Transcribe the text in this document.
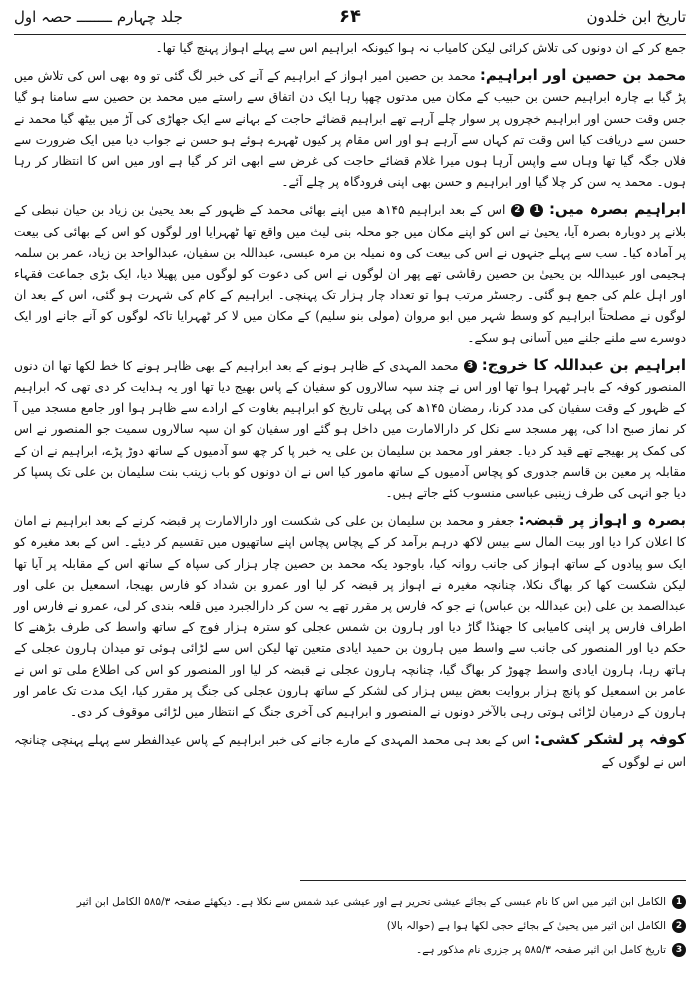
تاریخ ابن خلدون
۶۴
جلد چہارم ــــــــ حصہ اول

جمع کر کے ان دونوں کی تلاش کرائی لیکن کامیاب نہ ہوا کیونکہ ابراہیم اس سے پہلے اہواز پہنچ گیا تھا۔

محمد بن حصین اور ابراہیم: محمد بن حصین امیر اہواز کے ابراہیم کے آنے کی خبر لگ گئی تو وہ بھی اس کی تلاش میں پڑ گیا بے چارہ ابراہیم حسن بن حبیب کے مکان میں مدتوں چھپا رہا ایک دن اتفاق سے راستے میں محمد بن حصین سے سامنا ہو گیا جس وقت حسن اور ابراہیم خچروں پر سوار چلے آرہے تھے ابراہیم قضائے حاجت کے بہانے سے ایک جھاڑی کی آڑ میں بیٹھ گیا محمد نے حسن سے دریافت کیا اس وقت تم کہاں سے آرہے ہو اور اس مقام پر کیوں ٹھہرے ہوئے ہو حسن نے جواب دیا میں ایک ضرورت سے فلاں جگہ گیا تھا وہاں سے واپس آرہا ہوں میرا غلام قضائے حاجت کی غرض سے ابھی اتر کر گیا ہے اور میں اس کا انتظار کر رہا ہوں۔ محمد یہ سن کر چلا گیا اور ابراہیم و حسن بھی اپنی فرودگاہ پر چلے آئے۔

ابراہیم بصرہ میں: 1 2 اس کے بعد ابراہیم ۱۴۵ھ میں اپنے بھائی محمد کے ظہور کے بعد یحییٰ بن زیاد بن حیان نبطی کے بلانے پر دوبارہ بصرہ آیا، یحییٰ نے اس کو اپنے مکان میں جو محلہ بنی لیث میں واقع تھا ٹھہرایا اور لوگوں کو اس کے بھائی کی بیعت پر آمادہ کیا۔ سب سے پہلے جنہوں نے اس کی بیعت کی وہ نمیلہ بن مرہ عبسی، عبداللہ بن سفیان، عبدالواحد بن زیاد، عمر بن سلمہ ہجیمی اور عبیداللہ بن یحییٰ بن حصین رقاشی تھے پھر ان لوگوں نے اس کی دعوت کو لوگوں میں پھیلا دیا، ایک بڑی جماعت فقہاء اور اہل علم کی جمع ہو گئی۔ رجسٹر مرتب ہوا تو تعداد چار ہزار تک پہنچی۔ ابراہیم کے کام کی شہرت ہو گئی، اس کے بعد ان لوگوں نے مصلحتاً ابراہیم کو وسط شہر میں ابو مروان (مولی بنو سلیم) کے مکان میں لا کر ٹھہرایا تاکہ لوگوں کو آنے جانے اور ایک دوسرے سے ملنے جلنے میں آسانی ہو سکے۔

ابراہیم بن عبداللہ کا خروج: 3 محمد المہدی کے ظاہر ہونے کے بعد ابراہیم کے بھی ظاہر ہونے کا خط لکھا تھا ان دنوں المنصور کوفہ کے باہر ٹھہرا ہوا تھا اور اس نے چند سپہ سالاروں کو سفیان کے پاس بھیج دیا تھا اور یہ ہدایت کر دی تھی کہ ابراہیم کے ظہور کے وقت سفیان کی مدد کرنا، رمضان ۱۴۵ھ کی پہلی تاریخ کو ابراہیم بغاوت کے ارادے سے ظاہر ہوا اور جامع مسجد میں آ کر نماز صبح ادا کی، پھر مسجد سے نکل کر دارالامارت میں داخل ہو گئے اور سفیان کو ان سپہ سالاروں سمیت جو المنصور نے اس کی کمک پر بھیجے تھے قید کر دیا۔ جعفر اور محمد بن سلیمان بن علی یہ خبر پا کر چھ سو آدمیوں کے ساتھ دوڑ پڑے، ابراہیم نے ان کے مقابلہ پر معین بن قاسم جدوری کو پچاس آدمیوں کے ساتھ مامور کیا اس نے ان دونوں کو باب زینب بنت سلیمان بن علی تک پسپا کر دیا جو انہی کی طرف زینبی عباسی منسوب کئے جاتے ہیں۔

بصرہ و اہواز پر قبضہ: جعفر و محمد بن سلیمان بن علی کی شکست اور دارالامارت پر قبضہ کرنے کے بعد ابراہیم نے امان کا اعلان کرا دیا اور بیت المال سے بیس لاکھ درہم برآمد کر کے پچاس پچاس اپنے ساتھیوں میں تقسیم کر دیئے۔ اس کے بعد مغیرہ کو ایک سو پیادوں کے ساتھ اہواز کی جانب روانہ کیا، باوجود یکہ محمد بن حصین چار ہزار کی سپاہ کے ساتھ اس کے مقابلہ پر آیا تھا لیکن شکست کھا کر بھاگ نکلا، چنانچہ مغیرہ نے اہواز پر قبضہ کر لیا اور عمرو بن شداد کو فارس بھیجا، اسمعیل بن علی اور عبدالصمد بن علی (بن عبداللہ بن عباس) نے جو کہ فارس پر مقرر تھے یہ سن کر دارالجبرد میں قلعہ بندی کر لی، عمرو نے فارس اور اطراف فارس پر اپنی کامیابی کا جھنڈا گاڑ دیا اور ہارون بن شمس عجلی کو سترہ ہزار فوج کے ساتھ واسط کی طرف بڑھنے کا حکم دیا اور المنصور کی جانب سے واسط میں ہارون بن حمید ایادی متعین تھا لیکن اس سے لڑائی ہوئی تو میدان ہارون عجلی کے ہاتھ رہا، ہارون ایادی واسط چھوڑ کر بھاگ گیا، چنانچہ ہارون عجلی نے قبضہ کر لیا اور المنصور کو اس کی اطلاع ملی تو اس نے عامر بن اسمعیل کو پانچ ہزار بروایت بعض بیس ہزار کی لشکر کے ساتھ ہارون عجلی کی جنگ پر مقرر کیا، ایک مدت تک عامر اور ہارون کے درمیان لڑائی ہوتی رہی بالآخر دونوں نے المنصور و ابراہیم کی آخری جنگ کے انتظار میں لڑائی موقوف کر دی۔

کوفہ پر لشکر کشی: اس کے بعد ہی محمد المہدی کے مارے جانے کی خبر ابراہیم کے پاس عیدالفطر سے پہلے پہنچی چنانچہ اس نے لوگوں کے

1
الکامل ابن اثیر میں اس کا نام عبسی کے بجائے عیشی تحریر ہے اور عیشی عبد شمس سے نکلا ہے۔ دیکھئے صفحہ ۵۸۵/۳ الکامل ابن اثیر
2
الکامل ابن اثیر میں یحییٰ کے بجائے حجی لکھا ہوا ہے (حوالہ بالا)
3
تاریخ کامل ابن اثیر صفحہ ۵۸۵/۳ پر جزری نام مذکور ہے۔
